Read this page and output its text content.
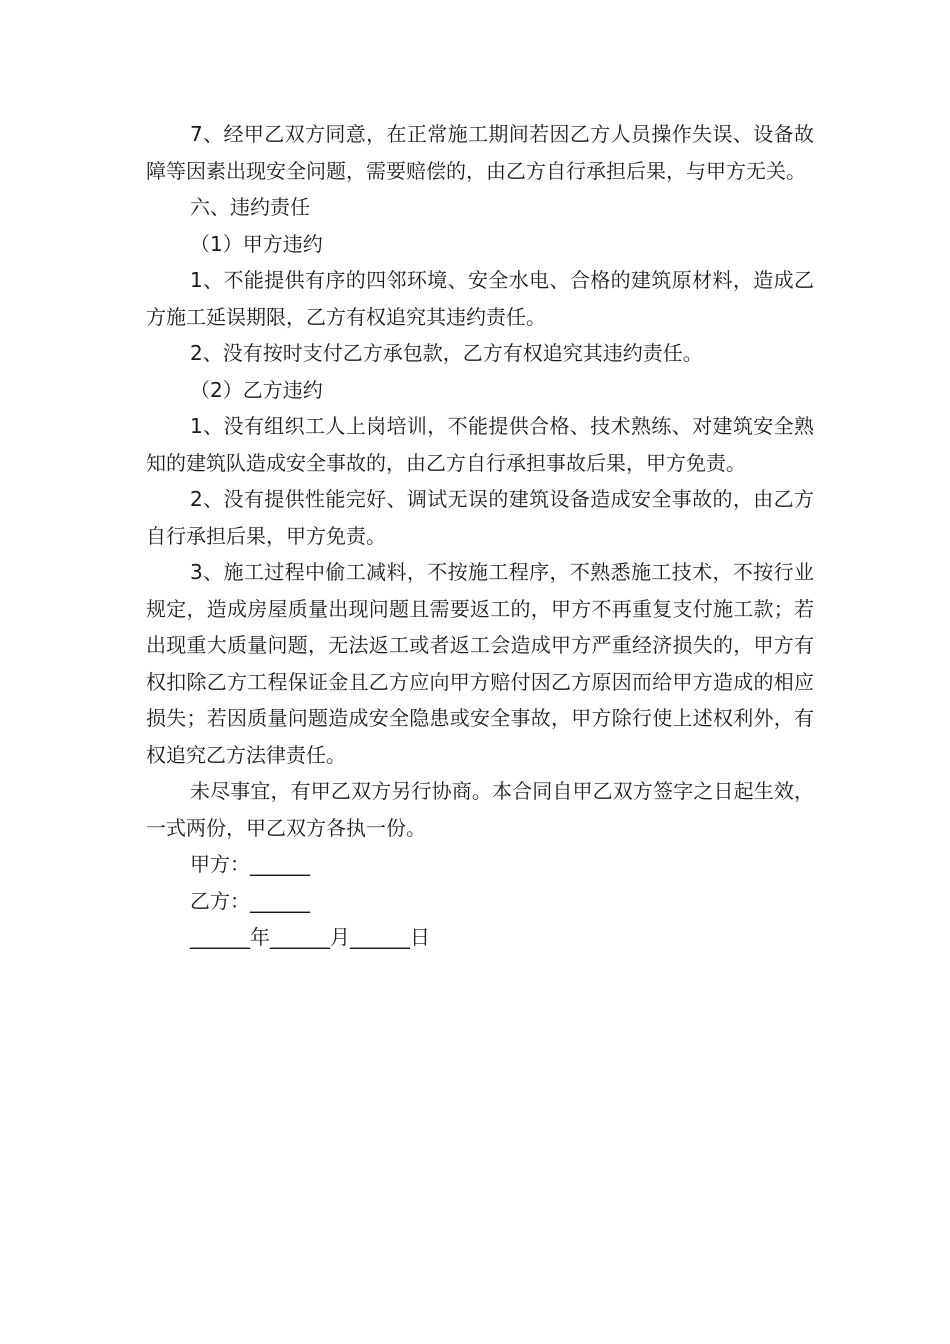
7、经甲乙双方同意，在正常施工期间若因乙方人员操作失误、设备故障等因素出现安全问题，需要赔偿的，由乙方自行承担后果，与甲方无关。

六、违约责任

（1）甲方违约

1、不能提供有序的四邻环境、安全水电、合格的建筑原材料，造成乙方施工延误期限，乙方有权追究其违约责任。

2、没有按时支付乙方承包款，乙方有权追究其违约责任。

（2）乙方违约

1、没有组织工人上岗培训，不能提供合格、技术熟练、对建筑安全熟知的建筑队造成安全事故的，由乙方自行承担事故后果，甲方免责。

2、没有提供性能完好、调试无误的建筑设备造成安全事故的，由乙方自行承担后果，甲方免责。

3、施工过程中偷工减料，不按施工程序，不熟悉施工技术，不按行业规定，造成房屋质量出现问题且需要返工的，甲方不再重复支付施工款；若出现重大质量问题，无法返工或者返工会造成甲方严重经济损失的，甲方有权扣除乙方工程保证金且乙方应向甲方赔付因乙方原因而给甲方造成的相应损失；若因质量问题造成安全隐患或安全事故，甲方除行使上述权利外，有权追究乙方法律责任。

未尽事宜，有甲乙双方另行协商。本合同自甲乙双方签字之日起生效，一式两份，甲乙双方各执一份。

甲方：______

乙方：______

______年______月______日
